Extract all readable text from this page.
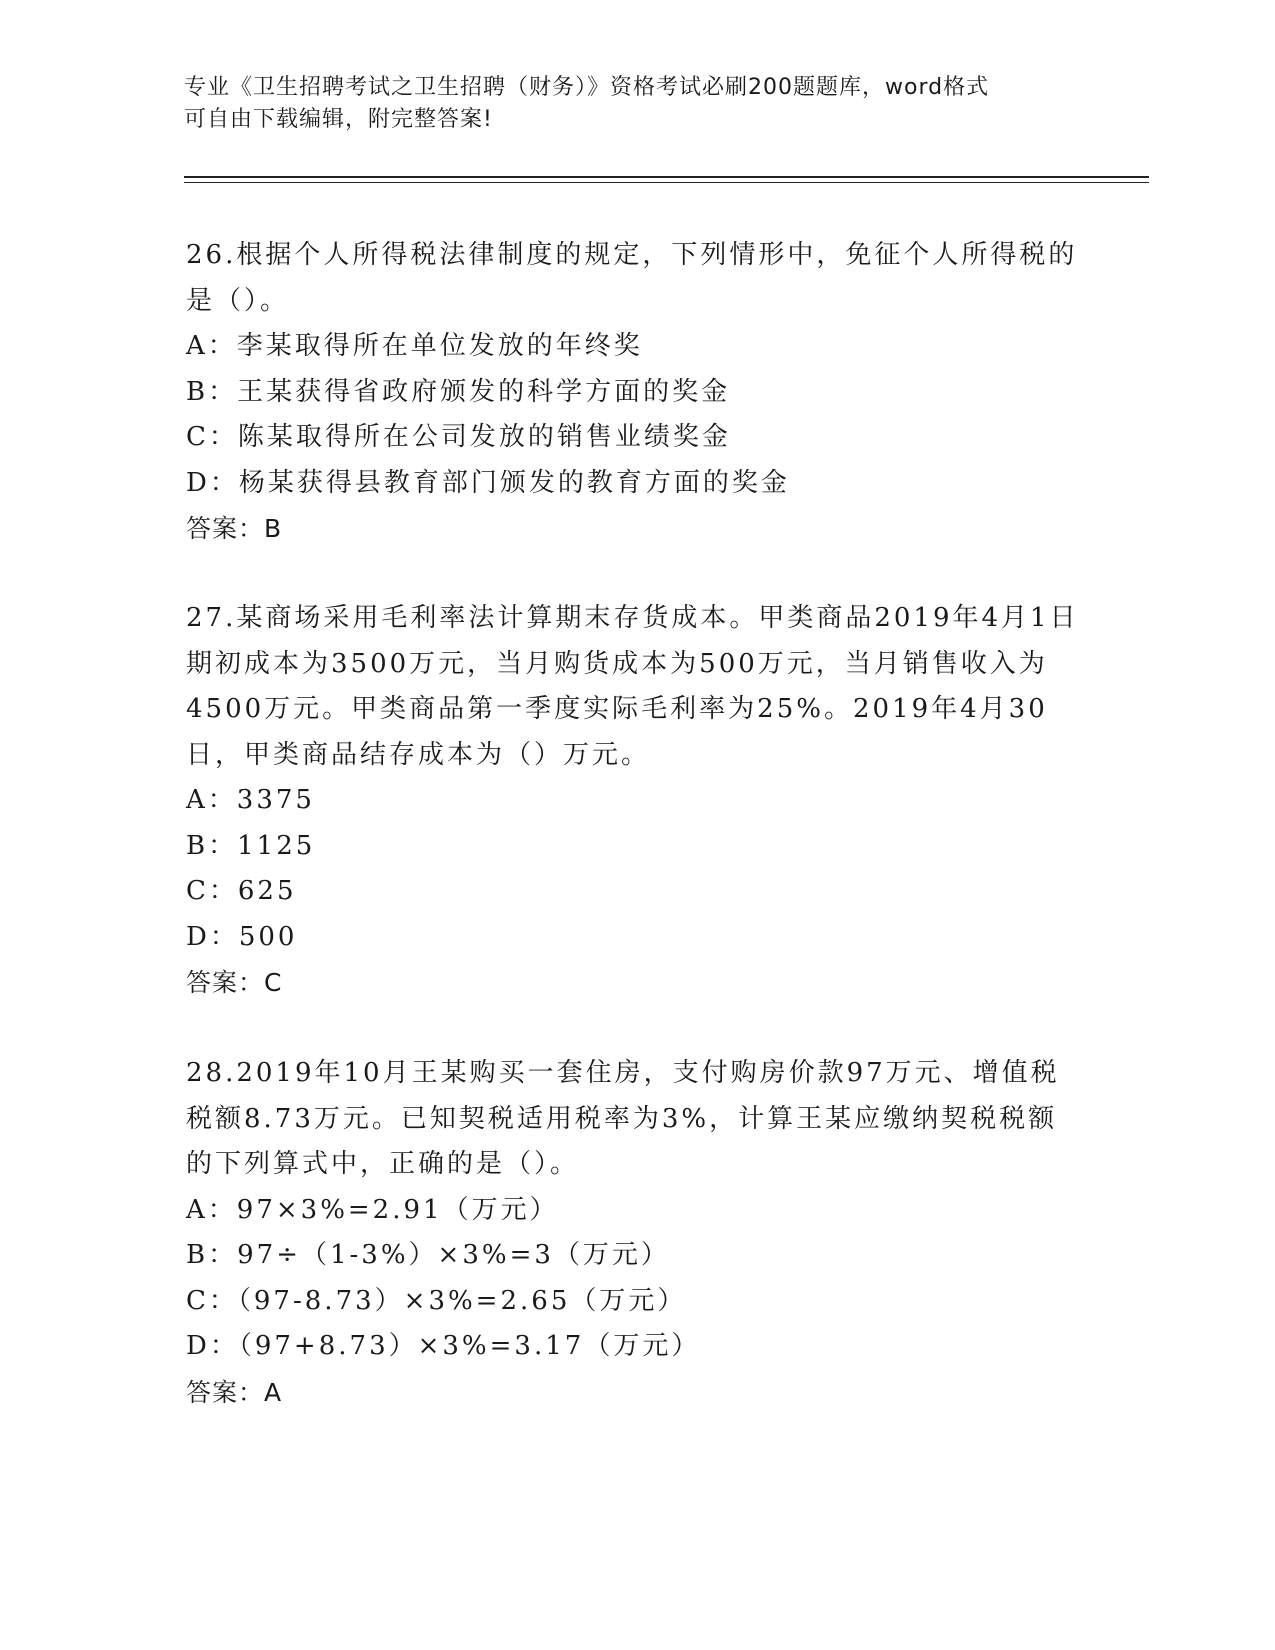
专业《卫生招聘考试之卫生招聘（财务）》资格考试必刷200题题库，word格式
可自由下载编辑，附完整答案!

26.根据个人所得税法律制度的规定，下列情形中，免征个人所得税的是（）。

A：李某取得所在单位发放的年终奖
B：王某获得省政府颁发的科学方面的奖金
C：陈某取得所在公司发放的销售业绩奖金
D：杨某获得县教育部门颁发的教育方面的奖金
答案：B

27.某商场采用毛利率法计算期末存货成本。甲类商品2019年4月1日期初成本为3500万元，当月购货成本为500万元，当月销售收入为4500万元。甲类商品第一季度实际毛利率为25%。2019年4月30日，甲类商品结存成本为（）万元。

A：3375
B：1125
C：625
D：500
答案：C

28.2019年10月王某购买一套住房，支付购房价款97万元、增值税税额8.73万元。已知契税适用税率为3%，计算王某应缴纳契税税额的下列算式中，正确的是（）。

A：97×3%=2.91（万元）
B：97÷（1-3%）×3%=3（万元）
C：（97-8.73）×3%=2.65（万元）
D：（97+8.73）×3%=3.17（万元）
答案：A
